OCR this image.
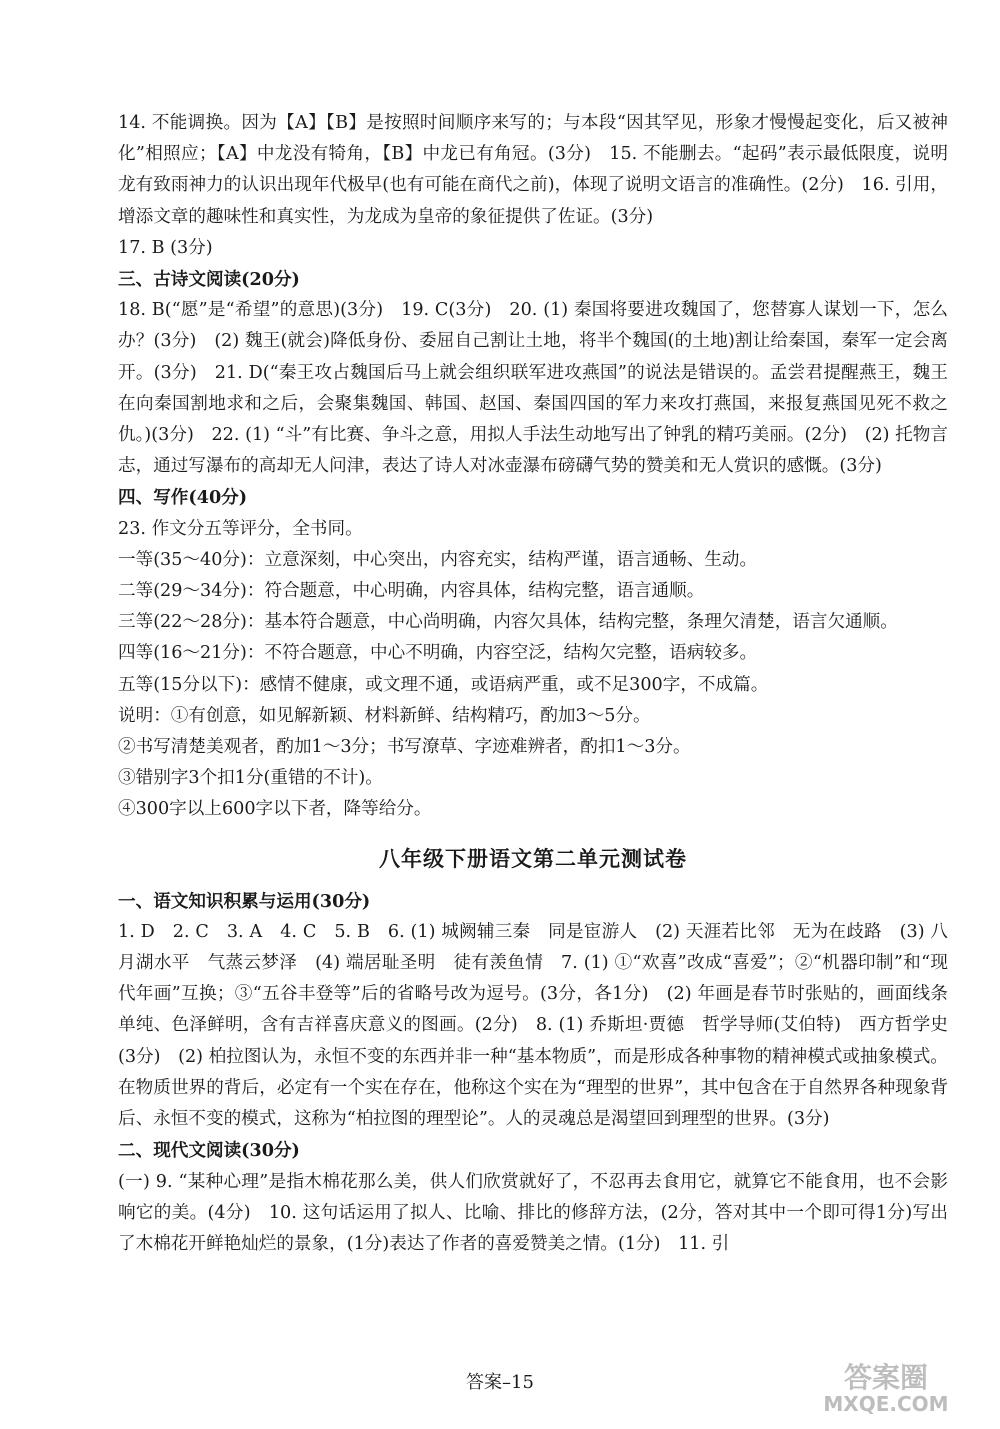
14. 不能调换。因为【A】【B】是按照时间顺序来写的；与本段“因其罕见，形象才慢慢起变化，后又被神化”相照应；【A】中龙没有犄角，【B】中龙已有角冠。(3分)　15. 不能删去。“起码”表示最低限度，说明龙有致雨神力的认识出现年代极早(也有可能在商代之前)，体现了说明文语言的准确性。(2分)　16. 引用，增添文章的趣味性和真实性，为龙成为皇帝的象征提供了佐证。(3分)

17. B (3分)

三、古诗文阅读(20分)

18. B(“愿”是“希望”的意思)(3分)　19. C(3分)　20. (1) 秦国将要进攻魏国了，您替寡人谋划一下，怎么办？(3分)　(2) 魏王(就会)降低身份、委屈自己割让土地，将半个魏国(的土地)割让给秦国，秦军一定会离开。(3分)　21. D(“秦王攻占魏国后马上就会组织联军进攻燕国”的说法是错误的。孟尝君提醒燕王，魏王在向秦国割地求和之后，会聚集魏国、韩国、赵国、秦国四国的军力来攻打燕国，来报复燕国见死不救之仇。)(3分)　22. (1) “斗”有比赛、争斗之意，用拟人手法生动地写出了钟乳的精巧美丽。(2分)　(2) 托物言志，通过写瀑布的高却无人问津，表达了诗人对冰壶瀑布磅礴气势的赞美和无人赏识的感慨。(3分)

四、写作(40分)

23. 作文分五等评分，全书同。

一等(35～40分)：立意深刻，中心突出，内容充实，结构严谨，语言通畅、生动。

二等(29～34分)：符合题意，中心明确，内容具体，结构完整，语言通顺。

三等(22～28分)：基本符合题意，中心尚明确，内容欠具体，结构完整，条理欠清楚，语言欠通顺。

四等(16～21分)：不符合题意，中心不明确，内容空泛，结构欠完整，语病较多。

五等(15分以下)：感情不健康，或文理不通，或语病严重，或不足300字，不成篇。

说明：①有创意，如见解新颖、材料新鲜、结构精巧，酌加3～5分。

②书写清楚美观者，酌加1～3分；书写潦草、字迹难辨者，酌扣1～3分。

③错别字3个扣1分(重错的不计)。

④300字以上600字以下者，降等给分。

八年级下册语文第二单元测试卷

一、语文知识积累与运用(30分)

1. D　2. C　3. A　4. C　5. B　6. (1) 城阙辅三秦　同是宦游人　(2) 天涯若比邻　无为在歧路　(3) 八月湖水平　气蒸云梦泽　(4) 端居耻圣明　徒有羡鱼情　7. (1) ①“欢喜”改成“喜爱”；②“机器印制”和“现代年画”互换；③“五谷丰登等”后的省略号改为逗号。(3分，各1分)　(2) 年画是春节时张贴的，画面线条单纯、色泽鲜明，含有吉祥喜庆意义的图画。(2分)　8. (1) 乔斯坦·贾德　哲学导师(艾伯特)　西方哲学史(3分)　(2) 柏拉图认为，永恒不变的东西并非一种“基本物质”，而是形成各种事物的精神模式或抽象模式。在物质世界的背后，必定有一个实在存在，他称这个实在为“理型的世界”，其中包含在于自然界各种现象背后、永恒不变的模式，这称为“柏拉图的理型论”。人的灵魂总是渴望回到理型的世界。(3分)

二、现代文阅读(30分)

(一) 9. “某种心理”是指木棉花那么美，供人们欣赏就好了，不忍再去食用它，就算它不能食用，也不会影响它的美。(4分)　10. 这句话运用了拟人、比喻、排比的修辞方法，(2分，答对其中一个即可得1分)写出了木棉花开鲜艳灿烂的景象，(1分)表达了作者的喜爱赞美之情。(1分)　11. 引

答案–15	答案圈
MXQE.COM
